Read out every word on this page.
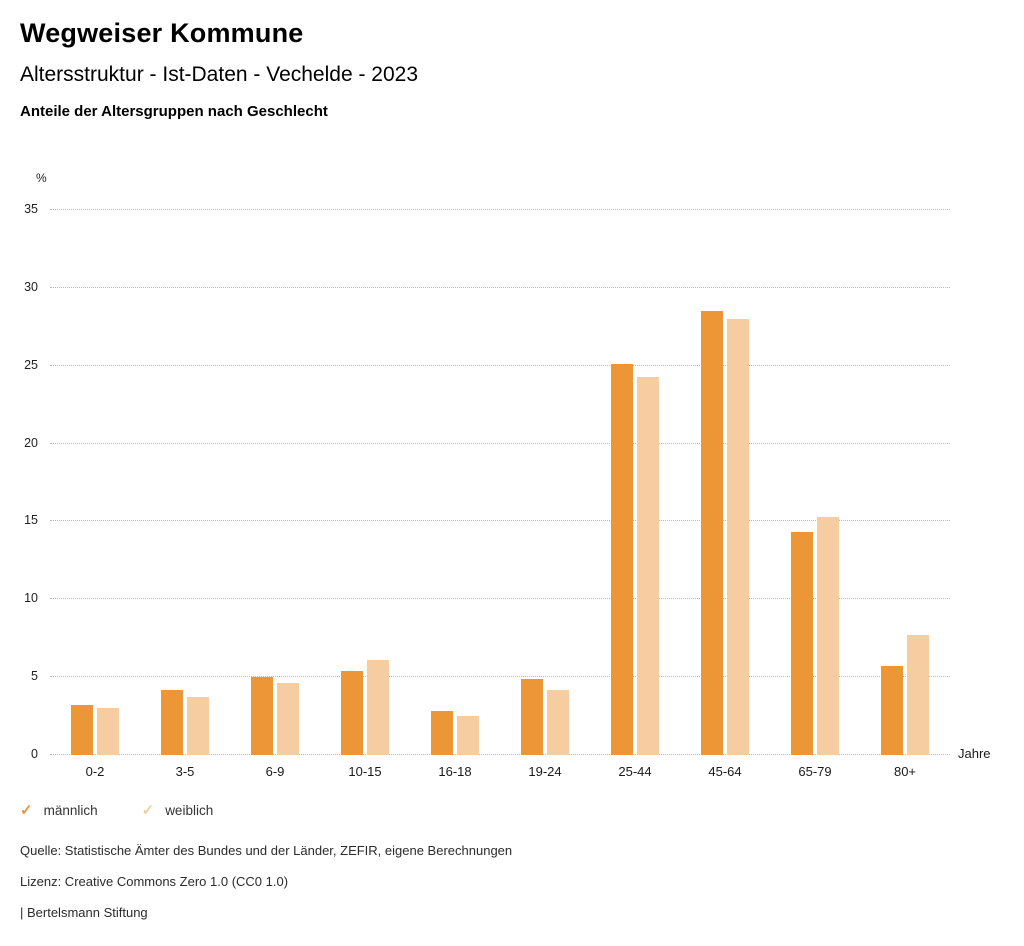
Wegweiser Kommune
Altersstruktur - Ist-Daten - Vechelde - 2023
Anteile der Altersgruppen nach Geschlecht
%
0
5
10
15
20
25
30
35
0-2	3-5	6-9	10-15	16-18	19-24	25-44	45-64	65-79	80+
Jahre
✓ männlich	✓ weiblich

Quelle: Statistische Ämter des Bundes und der Länder, ZEFIR, eigene Berechnungen

Lizenz: Creative Commons Zero 1.0 (CC0 1.0)

| Bertelsmann Stiftung
